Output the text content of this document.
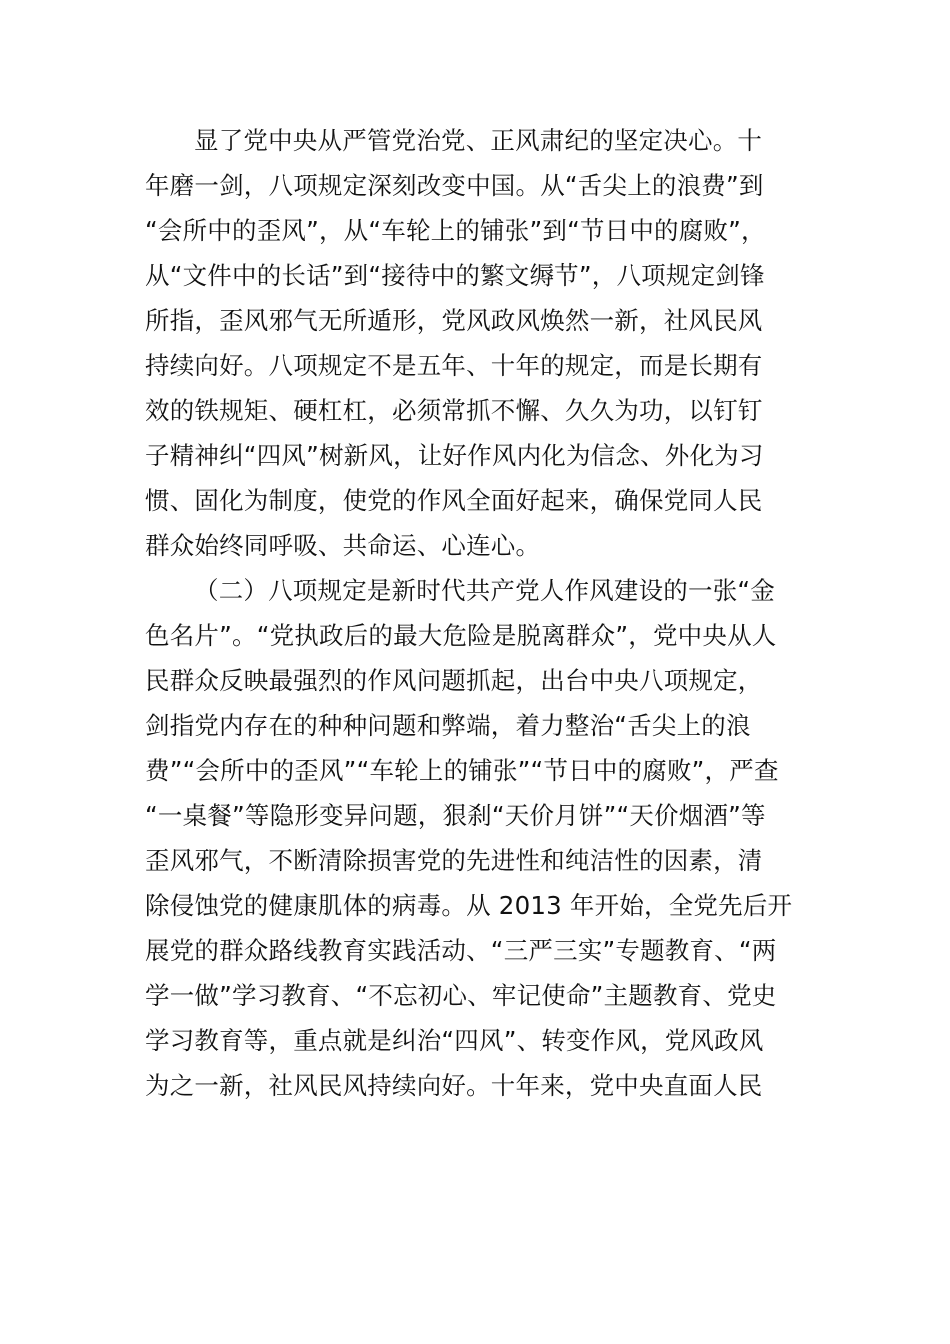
显了党中央从严管党治党、正风肃纪的坚定决心。十
年磨一剑，八项规定深刻改变中国。从“舌尖上的浪费”到
“会所中的歪风”，从“车轮上的铺张”到“节日中的腐败”，
从“文件中的长话”到“接待中的繁文缛节”，八项规定剑锋
所指，歪风邪气无所遁形，党风政风焕然一新，社风民风
持续向好。八项规定不是五年、十年的规定，而是长期有
效的铁规矩、硬杠杠，必须常抓不懈、久久为功，以钉钉
子精神纠“四风”树新风，让好作风内化为信念、外化为习
惯、固化为制度，使党的作风全面好起来，确保党同人民
群众始终同呼吸、共命运、心连心。
（二）八项规定是新时代共产党人作风建设的一张“金
色名片”。“党执政后的最大危险是脱离群众”，党中央从人
民群众反映最强烈的作风问题抓起，出台中央八项规定，
剑指党内存在的种种问题和弊端，着力整治“舌尖上的浪
费”“会所中的歪风”“车轮上的铺张”“节日中的腐败”，严查
“一桌餐”等隐形变异问题，狠刹“天价月饼”“天价烟酒”等
歪风邪气，不断清除损害党的先进性和纯洁性的因素，清
除侵蚀党的健康肌体的病毒。从 2013 年开始，全党先后开
展党的群众路线教育实践活动、“三严三实”专题教育、“两
学一做”学习教育、“不忘初心、牢记使命”主题教育、党史
学习教育等，重点就是纠治“四风”、转变作风，党风政风
为之一新，社风民风持续向好。十年来，党中央直面人民
